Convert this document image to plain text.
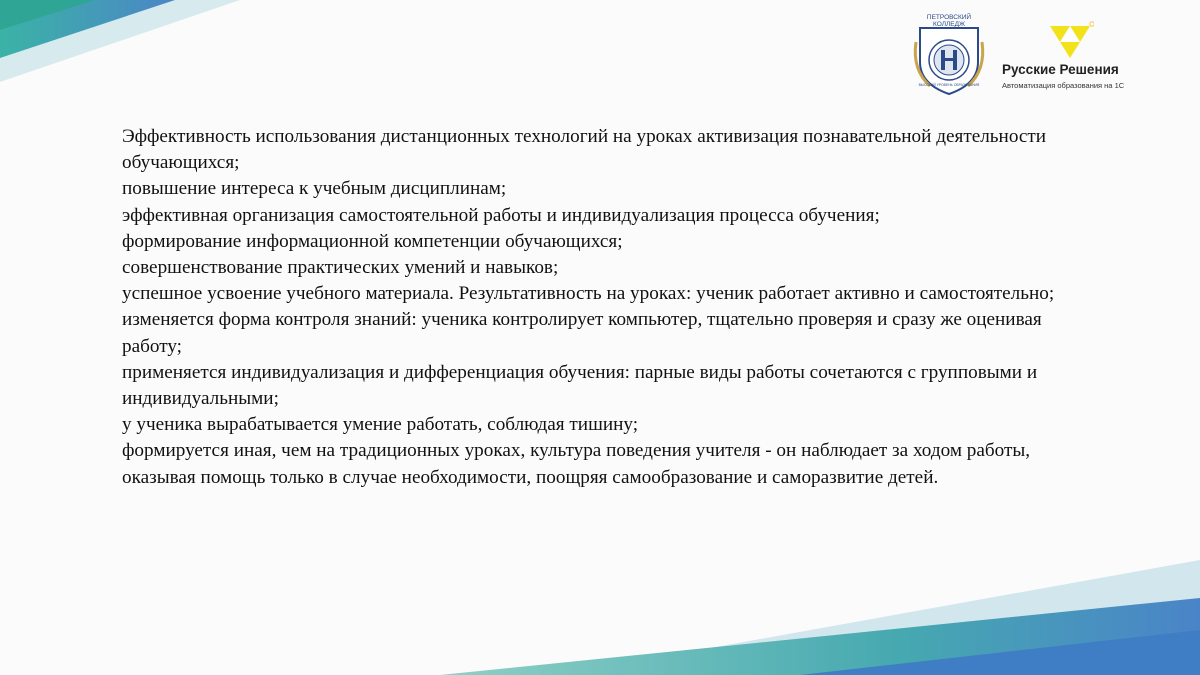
ПЕТРОВСКИЙ
КОЛЛЕДЖ
ВЫСОКИЙ УРОВЕНЬ ОБРАЗОВАНИЯ
Русские Решения
Автоматизация образования на 1С

Эффективность использования дистанционных технологий на уроках активизация познавательной деятельности обучающихся;

повышение интереса к учебным дисциплинам;

эффективная организация самостоятельной работы и индивидуализация процесса обучения;

формирование информационной компетенции обучающихся;

совершенствование практических умений и навыков;

успешное усвоение учебного материала. Результативность на уроках: ученик работает активно и самостоятельно;

изменяется форма контроля знаний: ученика контролирует компьютер, тщательно проверяя и сразу же оценивая работу;

применяется индивидуализация и дифференциация обучения: парные виды работы сочетаются с групповыми и индивидуальными;

у ученика вырабатывается умение работать, соблюдая тишину;

формируется иная, чем на традиционных уроках, культура поведения учителя - он наблюдает за ходом работы, оказывая помощь только в случае необходимости, поощряя самообразование и саморазвитие детей.
